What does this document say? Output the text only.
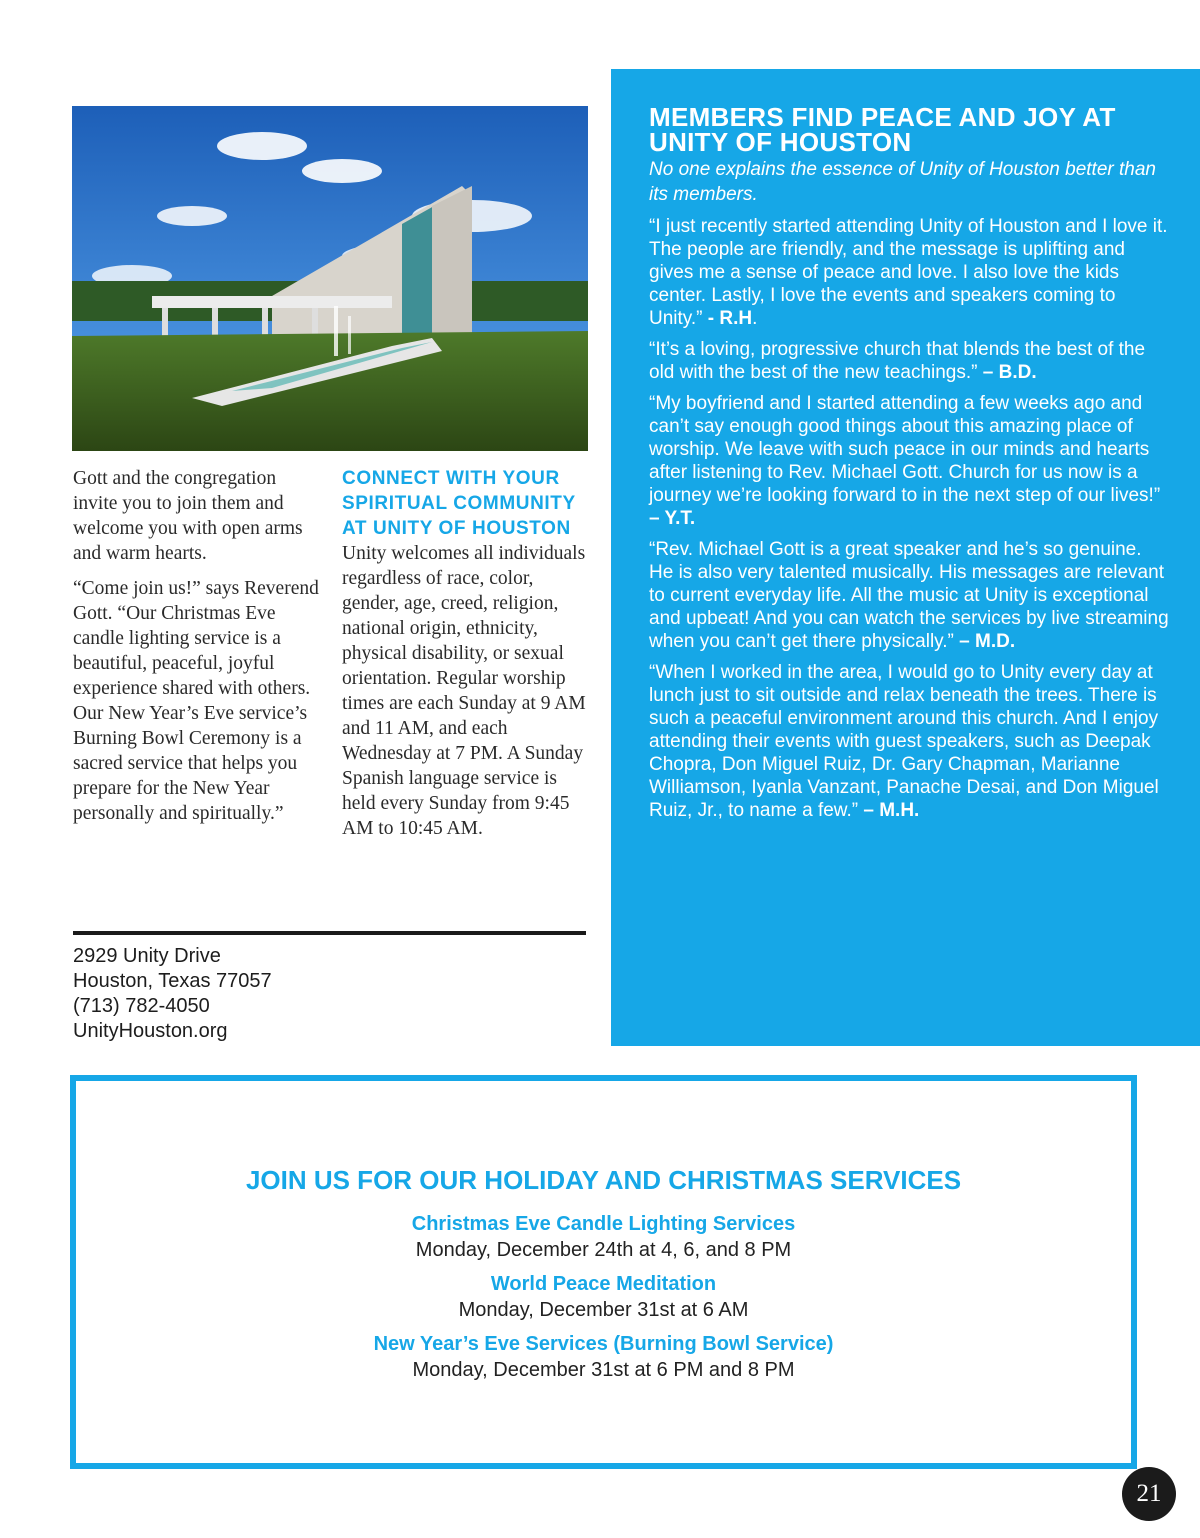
Gott and the congregation invite you to join them and welcome you with open arms and warm hearts.

“Come join us!” says Reverend Gott. “Our Christmas Eve candle lighting service is a beautiful, peaceful, joyful experience shared with others. Our New Year’s Eve service’s Burning Bowl Ceremony is a sacred service that helps you prepare for the New Year personally and spiritually.”

CONNECT WITH YOUR SPIRITUAL COMMUNITY AT UNITY OF HOUSTON

Unity welcomes all individuals regardless of race, color, gender, age, creed, religion, national origin, ethnicity, physical disability, or sexual orientation. Regular worship times are each Sunday at 9 AM and 11 AM, and each Wednesday at 7 PM. A Sunday Spanish language service is held every Sunday from 9:45 AM to 10:45 AM.

2929 Unity Drive
Houston, Texas 77057
(713) 782-4050
UnityHouston.org
MEMBERS FIND PEACE AND JOY AT UNITY OF HOUSTON

No one explains the essence of Unity of Houston better than its members.

“I just recently started attending Unity of Houston and I love it. The people are friendly, and the message is uplifting and gives me a sense of peace and love. I also love the kids center. Lastly, I love the events and speakers coming to Unity.” - R.H.

“It’s a loving, progressive church that blends the best of the old with the best of the new teachings.” – B.D.

“My boyfriend and I started attending a few weeks ago and can’t say enough good things about this amazing place of worship. We leave with such peace in our minds and hearts after listening to Rev. Michael Gott. Church for us now is a journey we’re looking forward to in the next step of our lives!” – Y.T.

“Rev. Michael Gott is a great speaker and he’s so genuine. He is also very talented musically. His messages are relevant to current everyday life. All the music at Unity is exceptional and upbeat! And you can watch the services by live streaming when you can’t get there physically.” – M.D.

“When I worked in the area, I would go to Unity every day at lunch just to sit outside and relax beneath the trees. There is such a peaceful environment around this church. And I enjoy attending their events with guest speakers, such as Deepak Chopra, Don Miguel Ruiz, Dr. Gary Chapman, Marianne Williamson, Iyanla Vanzant, Panache Desai, and Don Miguel Ruiz, Jr., to name a few.” – M.H.

JOIN US FOR OUR HOLIDAY AND CHRISTMAS SERVICES
Christmas Eve Candle Lighting Services
Monday, December 24th at 4, 6, and 8 PM
World Peace Meditation
Monday, December 31st at 6 AM
New Year’s Eve Services (Burning Bowl Service)
Monday, December 31st at 6 PM and 8 PM
21
